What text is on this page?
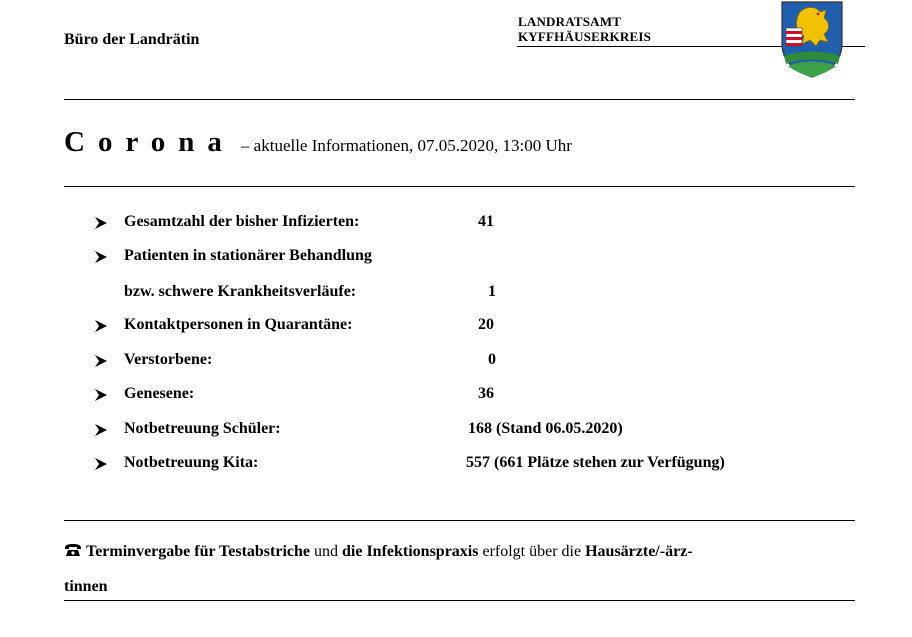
Büro der Landrätin
LANDRATSAMT
KYFFHÄUSERKREIS
Corona – aktuelle Informationen, 07.05.2020, 13:00 Uhr
Gesamtzahl der bisher Infizierten:	41
Patienten in stationärer Behandlung
bzw. schwere Krankheitsverläufe:	1
Kontaktpersonen in Quarantäne:	20
Verstorbene:	0
Genesene:	36
Notbetreuung Schüler:	168 (Stand 06.05.2020)
Notbetreuung Kita:	557 (661 Plätze stehen zur Verfügung)
Terminvergabe für Testabstriche und die Infektionspraxis erfolgt über die Hausärzte/-ärz-
tinnen
